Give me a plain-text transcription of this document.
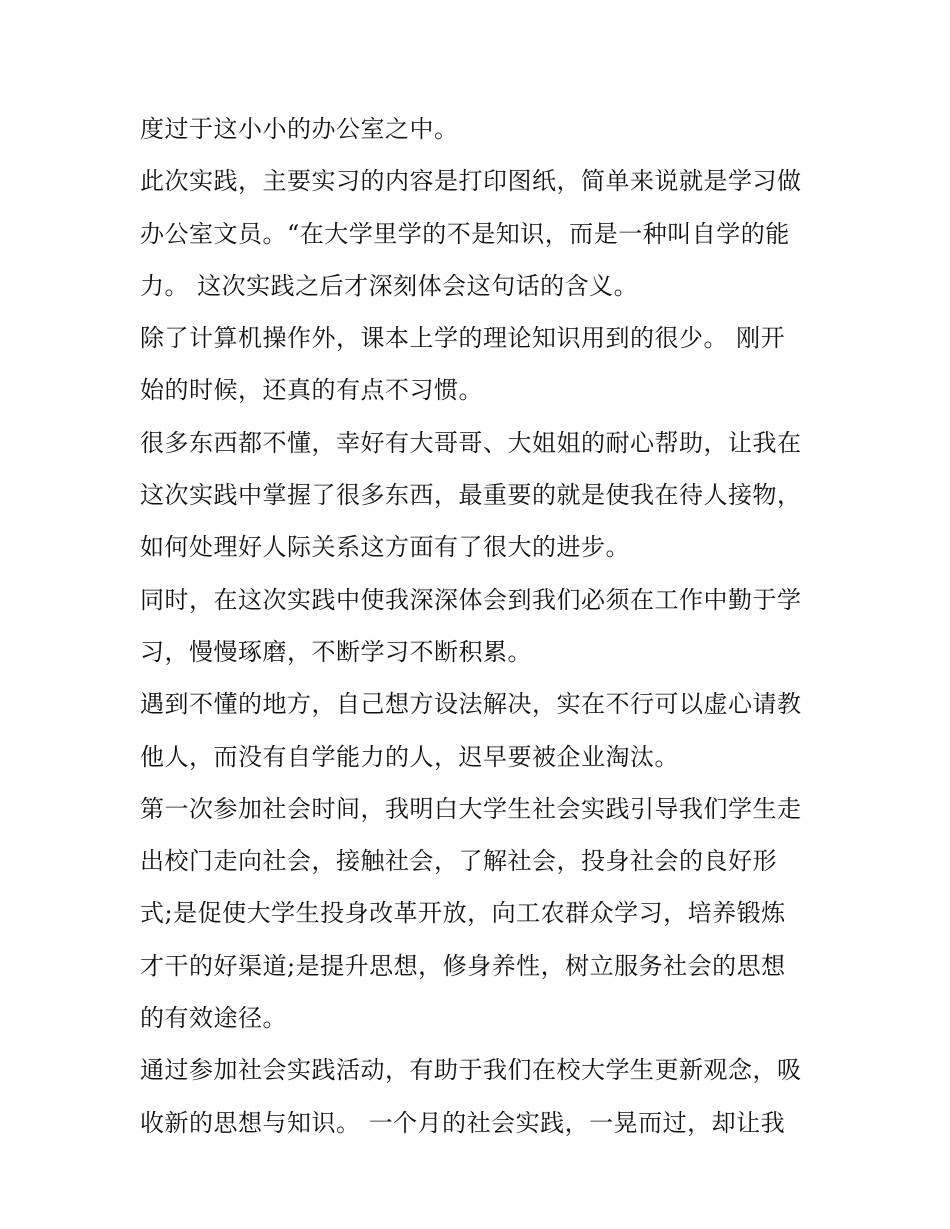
度过于这小小的办公室之中。
此次实践，主要实习的内容是打印图纸，简单来说就是学习做
办公室文员。“在大学里学的不是知识，而是一种叫自学的能
力。 这次实践之后才深刻体会这句话的含义。
除了计算机操作外，课本上学的理论知识用到的很少。 刚开
始的时候，还真的有点不习惯。
很多东西都不懂，幸好有大哥哥、大姐姐的耐心帮助，让我在
这次实践中掌握了很多东西，最重要的就是使我在待人接物，
如何处理好人际关系这方面有了很大的进步。
同时，在这次实践中使我深深体会到我们必须在工作中勤于学
习，慢慢琢磨，不断学习不断积累。
遇到不懂的地方，自己想方设法解决，实在不行可以虚心请教
他人，而没有自学能力的人，迟早要被企业淘汰。
第一次参加社会时间，我明白大学生社会实践引导我们学生走
出校门走向社会，接触社会，了解社会，投身社会的良好形
式;是促使大学生投身改革开放，向工农群众学习，培养锻炼
才干的好渠道;是提升思想，修身养性，树立服务社会的思想
的有效途径。
通过参加社会实践活动，有助于我们在校大学生更新观念，吸
收新的思想与知识。 一个月的社会实践，一晃而过，却让我
